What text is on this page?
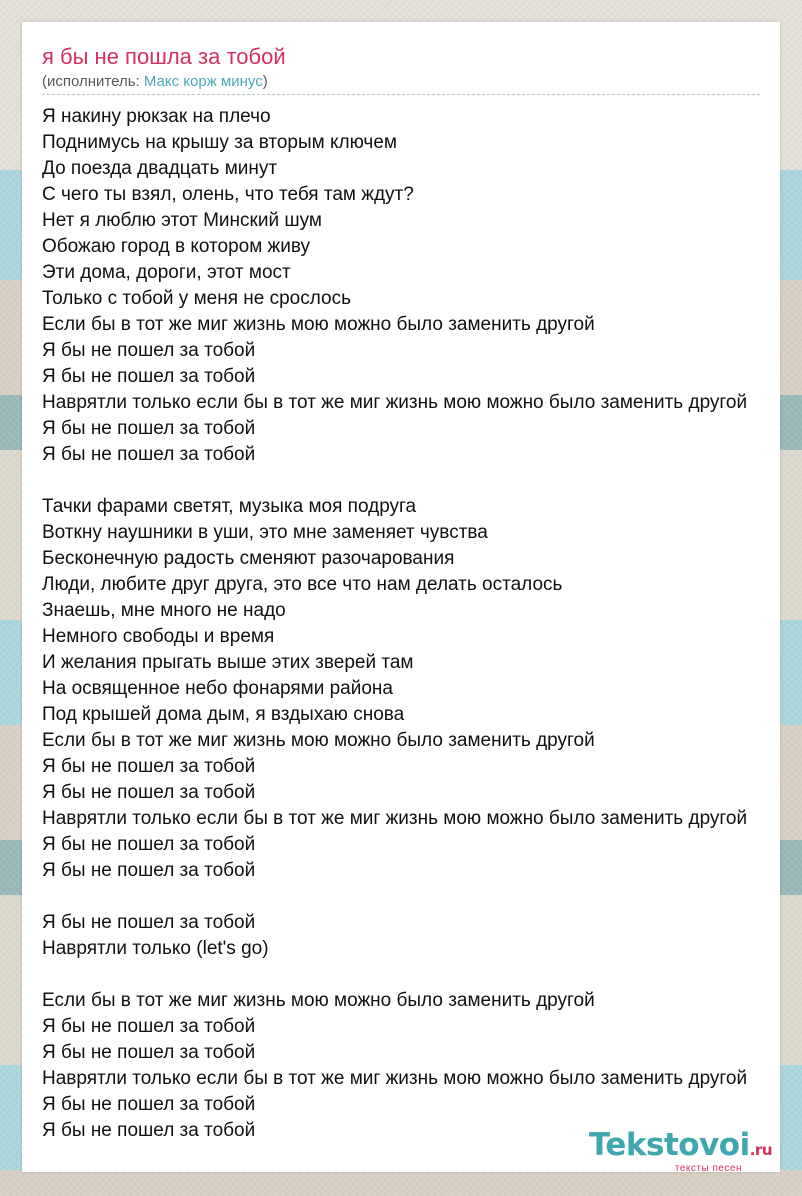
я бы не пошла за тобой
(исполнитель: Макс корж минус)
Я накину рюкзак на плечо
Поднимусь на крышу за вторым ключем
До поезда двадцать минут
С чего ты взял, олень, что тебя там ждут?
Нет я люблю этот Минский шум
Обожаю город в котором живу
Эти дома, дороги, этот мост
Только с тобой у меня не срослось
Если бы в тот же миг жизнь мою можно было заменить другой
Я бы не пошел за тобой
Я бы не пошел за тобой
Наврятли только если бы в тот же миг жизнь мою можно было заменить другой
Я бы не пошел за тобой
Я бы не пошел за тобой
Тачки фарами светят, музыка моя подруга
Воткну наушники в уши, это мне заменяет чувства
Бесконечную радость сменяют разочарования
Люди, любите друг друга, это все что нам делать осталось
Знаешь, мне много не надо
Немного свободы и время
И желания прыгать выше этих зверей там
На освященное небо фонарями района
Под крышей дома дым, я вздыхаю снова
Если бы в тот же миг жизнь мою можно было заменить другой
Я бы не пошел за тобой
Я бы не пошел за тобой
Наврятли только если бы в тот же миг жизнь мою можно было заменить другой
Я бы не пошел за тобой
Я бы не пошел за тобой
Я бы не пошел за тобой
Наврятли только (let's go)
Если бы в тот же миг жизнь мою можно было заменить другой
Я бы не пошел за тобой
Я бы не пошел за тобой
Наврятли только если бы в тот же миг жизнь мою можно было заменить другой
Я бы не пошел за тобой
Я бы не пошел за тобой	Tekstovoi.ru
тексты песен
